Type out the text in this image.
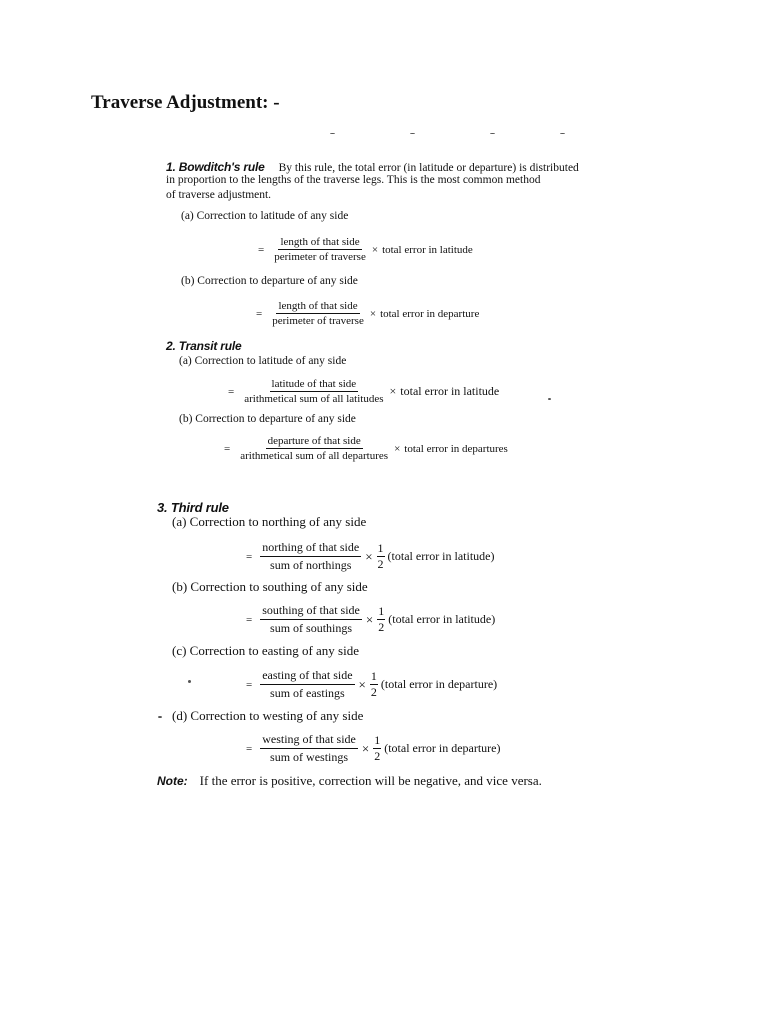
Traverse Adjustment: -
1. Bowditch's rule By this rule, the total error (in latitude or departure) is distributed
in proportion to the lengths of the traverse legs. This is the most common method
of traverse adjustment.
(a) Correction to latitude of any side
= $\frac{\text{length of that side}}{\text{perimeter of traverse}}$ × total error in latitude
(b) Correction to departure of any side
= $\frac{\text{length of that side}}{\text{perimeter of traverse}}$ × total error in departure
2. Transit rule
(a) Correction to latitude of any side
= $\frac{\text{latitude of that side}}{\text{arithmetical sum of all latitudes}}$ × total error in latitude
(b) Correction to departure of any side
= $\frac{\text{departure of that side}}{\text{arithmetical sum of all departures}}$ × total error in departures
3. Third rule
(a) Correction to northing of any side
= $\frac{\text{northing of that side}}{\text{sum of northings}} \times \frac{1}{2}$ (total error in latitude)
(b) Correction to southing of any side
= $\frac{\text{southing of that side}}{\text{sum of southings}} \times \frac{1}{2}$ (total error in latitude)
(c) Correction to easting of any side
= $\frac{\text{easting of that side}}{\text{sum of eastings}} \times \frac{1}{2}$ (total error in departure)
(d) Correction to westing of any side
= $\frac{\text{westing of that side}}{\text{sum of westings}} \times \frac{1}{2}$ (total error in departure)
Note: If the error is positive, correction will be negative, and vice versa.
